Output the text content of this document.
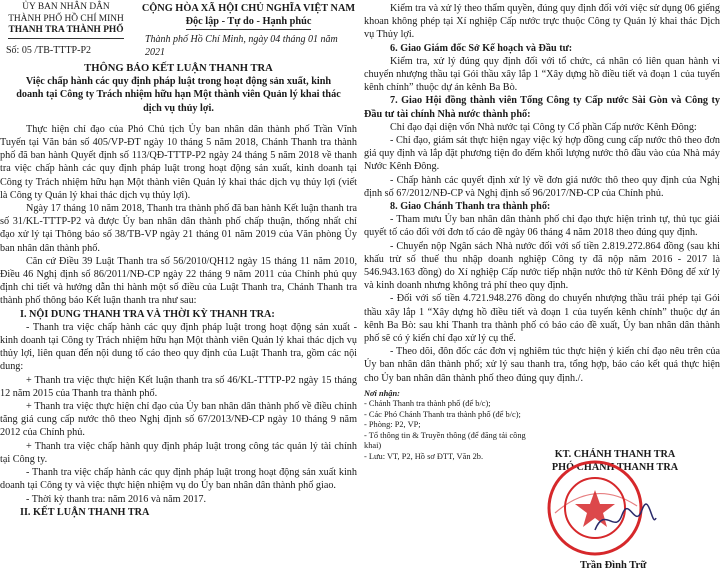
ỦY BAN NHÂN DÂN
THÀNH PHỐ HỒ CHÍ MINH
THANH TRA THÀNH PHỐ
CỘNG HÒA XÃ HỘI CHỦ NGHĨA VIỆT NAM
Độc lập - Tự do - Hạnh phúc
Số: 05 /TB-TTTP-P2
Thành phố Hồ Chí Minh, ngày 04 tháng 01 năm 2021

THÔNG BÁO KẾT LUẬN THANH TRA

Việc chấp hành các quy định pháp luật trong hoạt động sản xuất, kinh doanh tại Công ty Trách nhiệm hữu hạn Một thành viên Quản lý khai thác dịch vụ thủy lợi.

Thực hiện chỉ đạo của Phó Chủ tịch Ủy ban nhân dân thành phố Trần Vĩnh Tuyến tại Văn bản số 405/VP-ĐT ngày 10 tháng 5 năm 2018, Chánh Thanh tra thành phố đã ban hành Quyết định số 113/QĐ-TTTP-P2 ngày 24 tháng 5 năm 2018 về thanh tra việc chấp hành các quy định pháp luật trong hoạt động sản xuất, kinh doanh tại Công ty Trách nhiệm hữu hạn Một thành viên Quản lý khai thác dịch vụ thủy lợi (viết là Công ty Quản lý khai thác dịch vụ thủy lợi).

Ngày 17 tháng 10 năm 2018, Thanh tra thành phố đã ban hành Kết luận thanh tra số 31/KL-TTTP-P2 và được Ủy ban nhân dân thành phố chấp thuận, thống nhất chỉ đạo xử lý tại Thông báo số 38/TB-VP ngày 21 tháng 01 năm 2019 của Văn phòng Ủy ban nhân dân thành phố.

Căn cứ Điều 39 Luật Thanh tra số 56/2010/QH12 ngày 15 tháng 11 năm 2010, Điều 46 Nghị định số 86/2011/NĐ-CP ngày 22 tháng 9 năm 2011 của Chính phủ quy định chi tiết và hướng dẫn thi hành một số điều của Luật Thanh tra, Chánh Thanh tra thành phố thông báo Kết luận thanh tra như sau:

I. NỘI DUNG THANH TRA VÀ THỜI KỲ THANH TRA:

- Thanh tra việc chấp hành các quy định pháp luật trong hoạt động sản xuất - kinh doanh tại Công ty Trách nhiệm hữu hạn Một thành viên Quản lý khai thác dịch vụ thủy lợi, liên quan đến nội dung tố cáo theo quy định của Luật Thanh tra, gồm các nội dung:

+ Thanh tra việc thực hiện Kết luận thanh tra số 46/KL-TTTP-P2 ngày 15 tháng 12 năm 2015 của Thanh tra thành phố.

+ Thanh tra việc thực hiện chỉ đạo của Ủy ban nhân dân thành phố về điều chỉnh tăng giá cung cấp nước thô theo Nghị định số 67/2013/NĐ-CP ngày 10 tháng 9 năm 2012 của Chính phủ.

+ Thanh tra việc chấp hành quy định pháp luật trong công tác quản lý tài chính tại Công ty.

- Thanh tra việc chấp hành các quy định pháp luật trong hoạt động sản xuất kinh doanh tại Công ty và việc thực hiện nhiệm vụ do Ủy ban nhân dân thành phố giao.

- Thời kỳ thanh tra: năm 2016 và năm 2017.

II. KẾT LUẬN THANH TRA

Kiểm tra và xử lý theo thẩm quyền, đúng quy định đối với việc sử dụng 06 giếng khoan không phép tại Xí nghiệp Cấp nước trực thuộc Công ty Quản lý khai thác Dịch vụ Thủy lợi.

6. Giao Giám đốc Sở Kế hoạch và Đầu tư:

Kiểm tra, xử lý đúng quy định đối với tổ chức, cá nhân có liên quan hành vi chuyển nhượng thầu tại Gói thầu xây lắp 1 “Xây dựng hồ điều tiết và đoạn 1 của tuyến kênh chính” thuộc dự án kênh Ba Bò.

7. Giao Hội đồng thành viên Tổng Công ty Cấp nước Sài Gòn và Công ty Đầu tư tài chính Nhà nước thành phố:

Chỉ đạo đại diện vốn Nhà nước tại Công ty Cổ phần Cấp nước Kênh Đông:

- Chỉ đạo, giám sát thực hiện ngay việc ký hợp đồng cung cấp nước thô theo đơn giá quy định và lắp đặt phương tiện đo đếm khối lượng nước thô đầu vào của Nhà máy Nước Kênh Đông.

- Chấp hành các quyết định xử lý về đơn giá nước thô theo quy định của Nghị định số 67/2012/NĐ-CP và Nghị định số 96/2017/NĐ-CP của Chính phủ.

8. Giao Chánh Thanh tra thành phố:

- Tham mưu Ủy ban nhân dân thành phố chỉ đạo thực hiện trình tự, thủ tục giải quyết tố cáo đối với đơn tố cáo đề ngày 06 tháng 4 năm 2018 theo đúng quy định.

- Chuyển nộp Ngân sách Nhà nước đối với số tiền 2.819.272.864 đồng (sau khi khấu trừ số thuế thu nhập doanh nghiệp Công ty đã nộp năm 2016 - 2017 là 546.943.163 đồng) do Xí nghiệp Cấp nước tiếp nhận nước thô từ Kênh Đông để xử lý và kinh doanh nhưng không trả phí theo quy định.

- Đối với số tiền 4.721.948.276 đồng do chuyển nhượng thầu trái phép tại Gói thầu xây lắp 1 “Xây dựng hồ điều tiết và đoạn 1 của tuyến kênh chính” thuộc dự án kênh Ba Bò: sau khi Thanh tra thành phố có báo cáo đề xuất, Ủy ban nhân dân thành phố sẽ có ý kiến chỉ đạo xử lý cụ thể.

- Theo dõi, đôn đốc các đơn vị nghiêm túc thực hiện ý kiến chỉ đạo nêu trên của Ủy ban nhân dân thành phố; xử lý sau thanh tra, tổng hợp, báo cáo kết quả thực hiện cho Ủy ban nhân dân thành phố theo đúng quy định./.

Nơi nhận:
- Chánh Thanh tra thành phố (để b/c);
- Các Phó Chánh Thanh tra thành phố (để b/c);
- Phòng: P2, VP;
- Tổ thông tin & Truyền thông (để đăng tải công khai)
- Lưu: VT, P2, Hồ sơ ĐTT, Văn 2b.	KT. CHÁNH THANH TRA
PHÓ CHÁNH THANH TRA
Trần Đình Trữ
